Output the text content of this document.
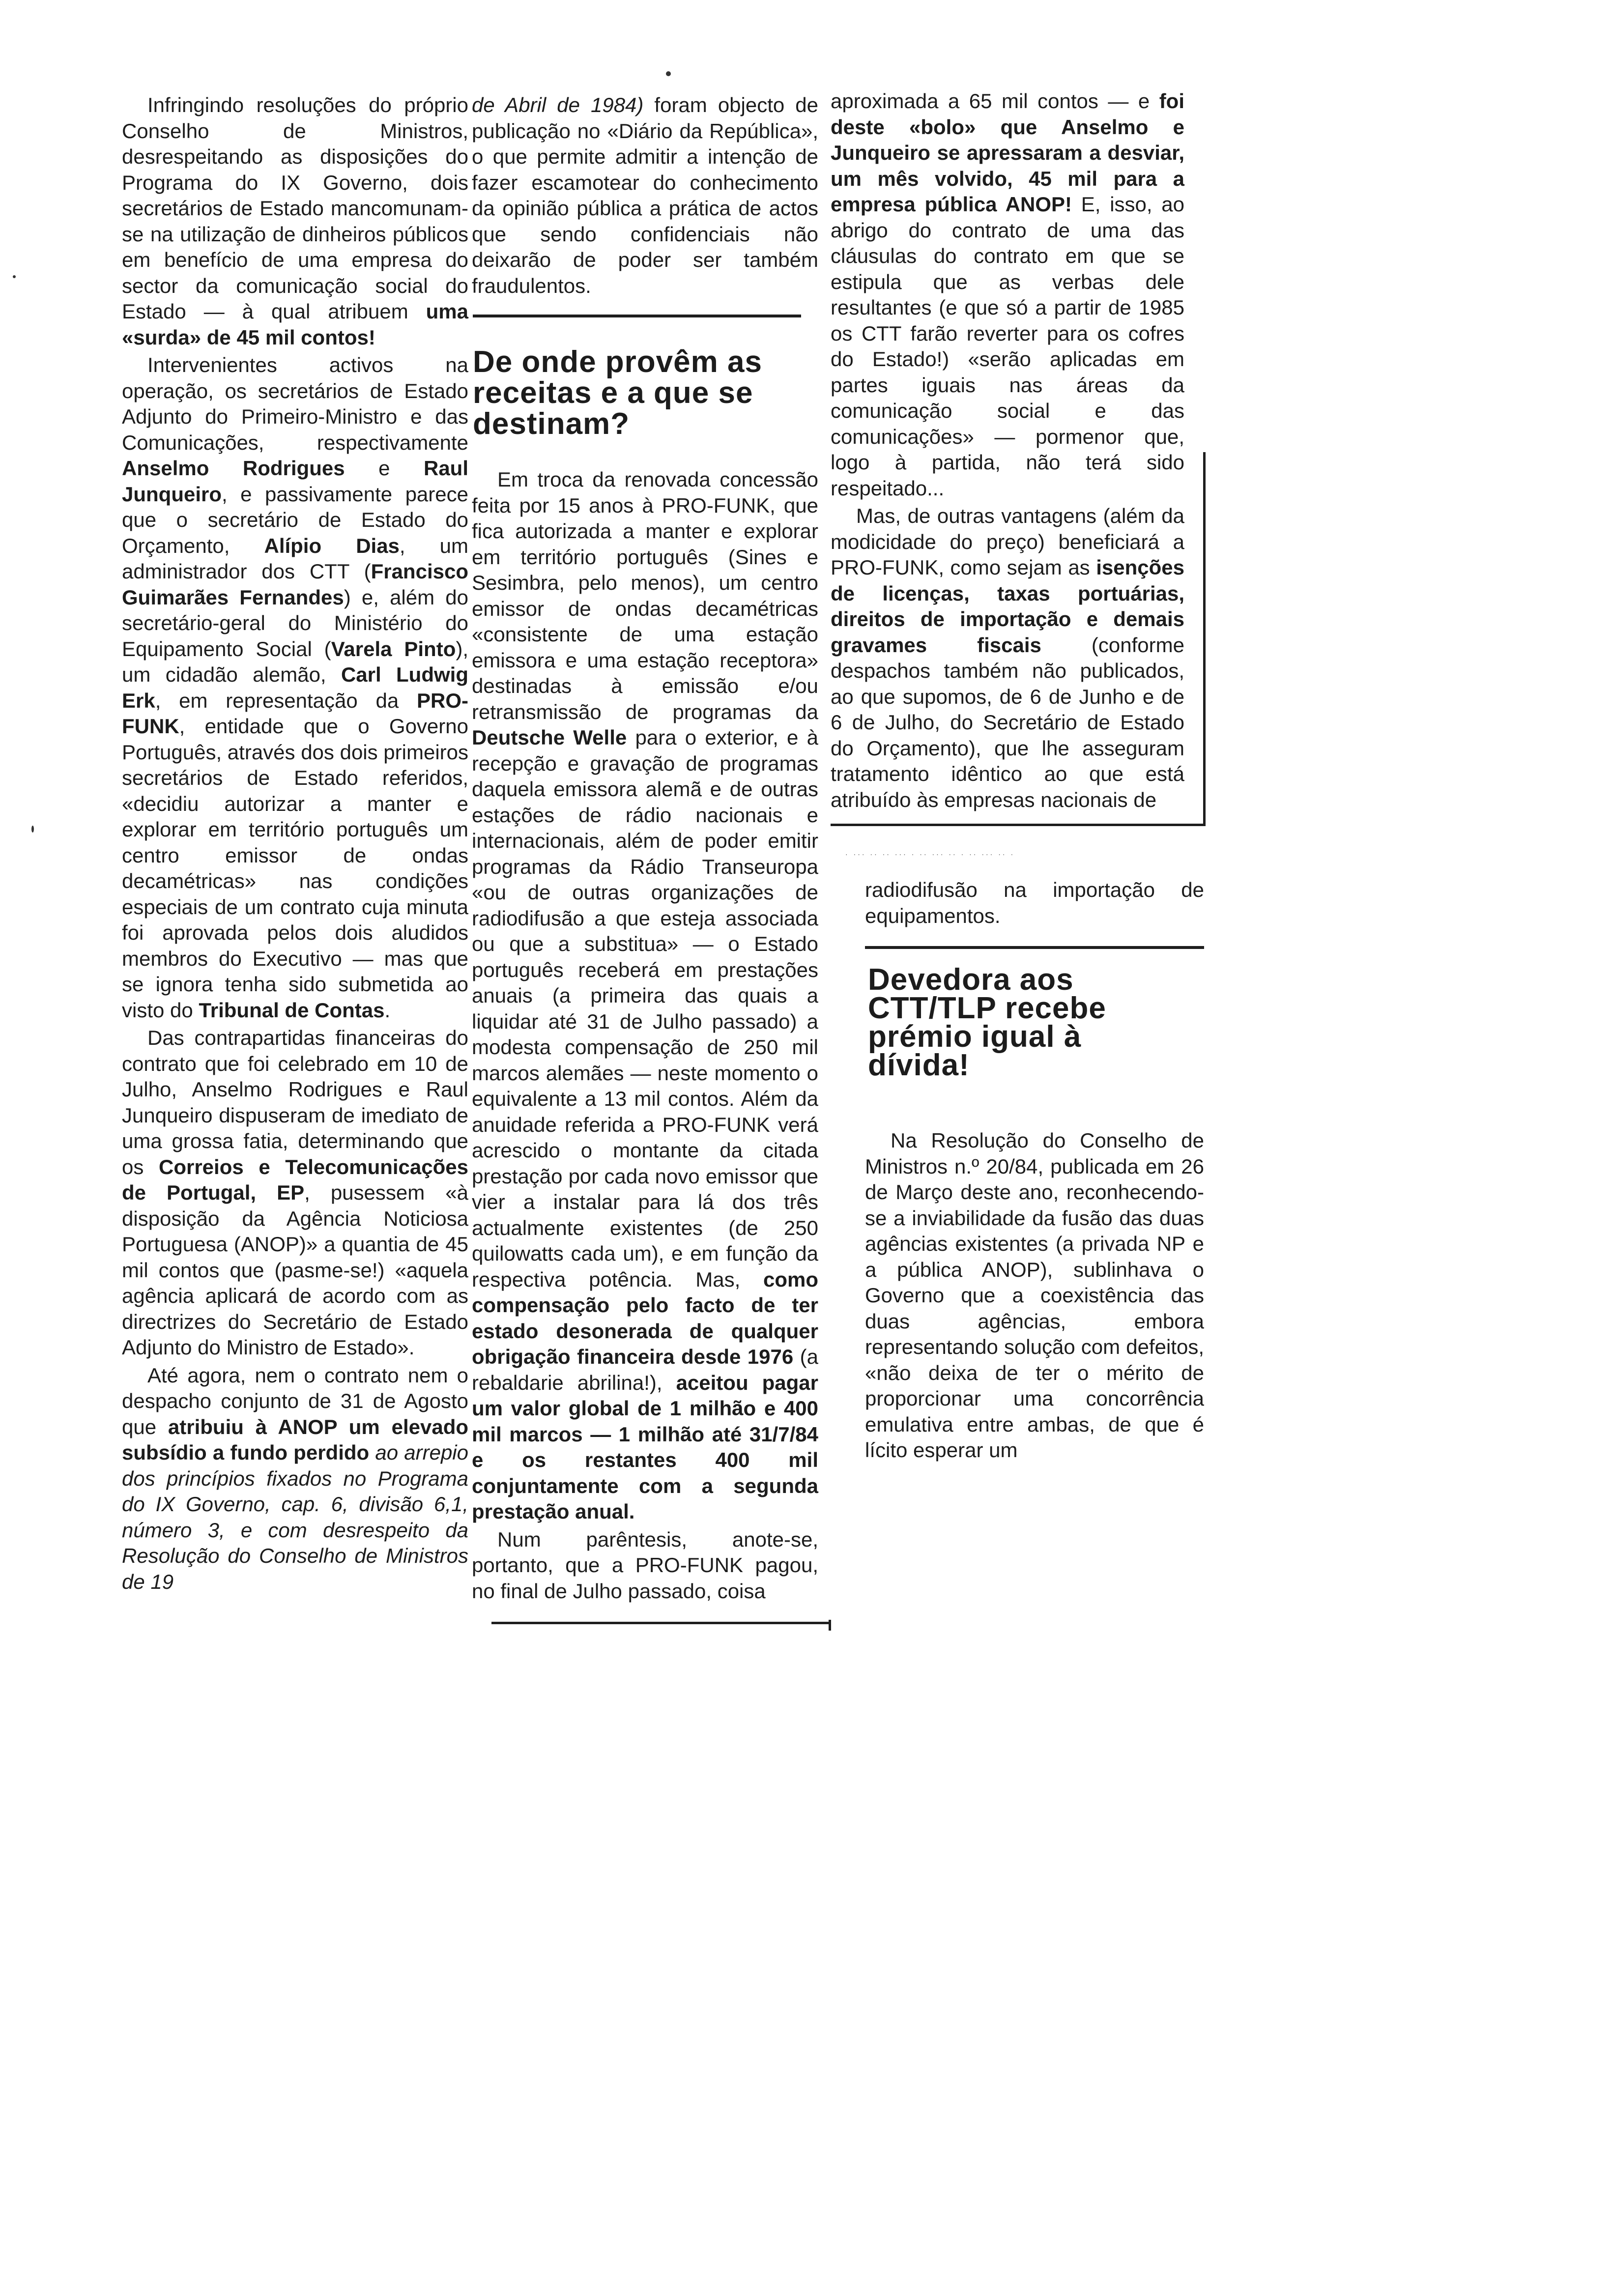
Infringindo resoluções do próprio Conselho de Ministros, desrespeitando as disposições do Programa do IX Governo, dois secretários de Estado mancomunam-se na utilização de dinheiros públicos em benefício de uma empresa do sector da comunicação social do Estado — à qual atribuem uma «surda» de 45 mil contos!

Intervenientes activos na operação, os secretários de Estado Adjunto do Primeiro-Ministro e das Comunicações, respectivamente Anselmo Rodrigues e Raul Junqueiro, e passivamente parece que o secretário de Estado do Orçamento, Alípio Dias, um administrador dos CTT (Francisco Guimarães Fernandes) e, além do secretário-geral do Ministério do Equipamento Social (Varela Pinto), um cidadão alemão, Carl Ludwig Erk, em representação da PRO-FUNK, entidade que o Governo Português, através dos dois primeiros secretários de Estado referidos, «decidiu autorizar a manter e explorar em território português um centro emissor de ondas decamétricas» nas condições especiais de um contrato cuja minuta foi aprovada pelos dois aludidos membros do Executivo — mas que se ignora tenha sido submetida ao visto do Tribunal de Contas.

Das contrapartidas financeiras do contrato que foi celebrado em 10 de Julho, Anselmo Rodrigues e Raul Junqueiro dispuseram de imediato de uma grossa fatia, determinando que os Correios e Telecomunicações de Portugal, EP, pusessem «à disposição da Agência Noticiosa Portuguesa (ANOP)» a quantia de 45 mil contos que (pasme-se!) «aquela agência aplicará de acordo com as directrizes do Secretário de Estado Adjunto do Ministro de Estado».

Até agora, nem o contrato nem o despacho conjunto de 31 de Agosto que atribuiu à ANOP um elevado subsídio a fundo perdido ao arrepio dos princípios fixados no Programa do IX Governo, cap. 6, divisão 6,1, número 3, e com desrespeito da Resolução do Conselho de Ministros de 19

de Abril de 1984) foram objecto de publicação no «Diário da República», o que permite admitir a intenção de fazer escamotear do conhecimento da opinião pública a prática de actos que sendo confidenciais não deixarão de poder ser também fraudulentos.

De onde provêm as receitas e a que se destinam?

Em troca da renovada concessão feita por 15 anos à PRO-FUNK, que fica autorizada a manter e explorar em território português (Sines e Sesimbra, pelo menos), um centro emissor de ondas decamétricas «consistente de uma estação emissora e uma estação receptora» destinadas à emissão e/ou retransmissão de programas da Deutsche Welle para o exterior, e à recepção e gravação de programas daquela emissora alemã e de outras estações de rádio nacionais e internacionais, além de poder emitir programas da Rádio Transeuropa «ou de outras organizações de radiodifusão a que esteja associada ou que a substitua» — o Estado português receberá em prestações anuais (a primeira das quais a liquidar até 31 de Julho passado) a modesta compensação de 250 mil marcos alemães — neste momento o equivalente a 13 mil contos. Além da anuidade referida a PRO-FUNK verá acrescido o montante da citada prestação por cada novo emissor que vier a instalar para lá dos três actualmente existentes (de 250 quilowatts cada um), e em função da respectiva potência. Mas, como compensação pelo facto de ter estado desonerada de qualquer obrigação financeira desde 1976 (a rebaldarie abrilina!), aceitou pagar um valor global de 1 milhão e 400 mil marcos — 1 milhão até 31/7/84 e os restantes 400 mil conjuntamente com a segunda prestação anual.

Num parêntesis, anote-se, portanto, que a PRO-FUNK pagou, no final de Julho passado, coisa

aproximada a 65 mil contos — e foi deste «bolo» que Anselmo e Junqueiro se apressaram a desviar, um mês volvido, 45 mil para a empresa pública ANOP! E, isso, ao abrigo do contrato de uma das cláusulas do contrato em que se estipula que as verbas dele resultantes (e que só a partir de 1985 os CTT farão reverter para os cofres do Estado!) «serão aplicadas em partes iguais nas áreas da comunicação social e das comunicações» — pormenor que, logo à partida, não terá sido respeitado...

Mas, de outras vantagens (além da modicidade do preço) beneficiará a PRO-FUNK, como sejam as isenções de licenças, taxas portuárias, direitos de importação e demais gravames fiscais (conforme despachos também não publicados, ao que supomos, de 6 de Junho e de 6 de Julho, do Secretário de Estado do Orçamento), que lhe asseguram tratamento idêntico ao que está atribuído às empresas nacionais de

· ··· ·· ·· ··· · ·· ··· ·· · ·· ··· ·· ·

radiodifusão na importação de equipamentos.

Devedora aos CTT/TLP recebe prémio igual à dívida!

Na Resolução do Conselho de Ministros n.º 20/84, publicada em 26 de Março deste ano, reconhecendo-se a inviabilidade da fusão das duas agências existentes (a privada NP e a pública ANOP), sublinhava o Governo que a coexistência das duas agências, embora representando solução com defeitos, «não deixa de ter o mérito de proporcionar uma concorrência emulativa entre ambas, de que é lícito esperar um
